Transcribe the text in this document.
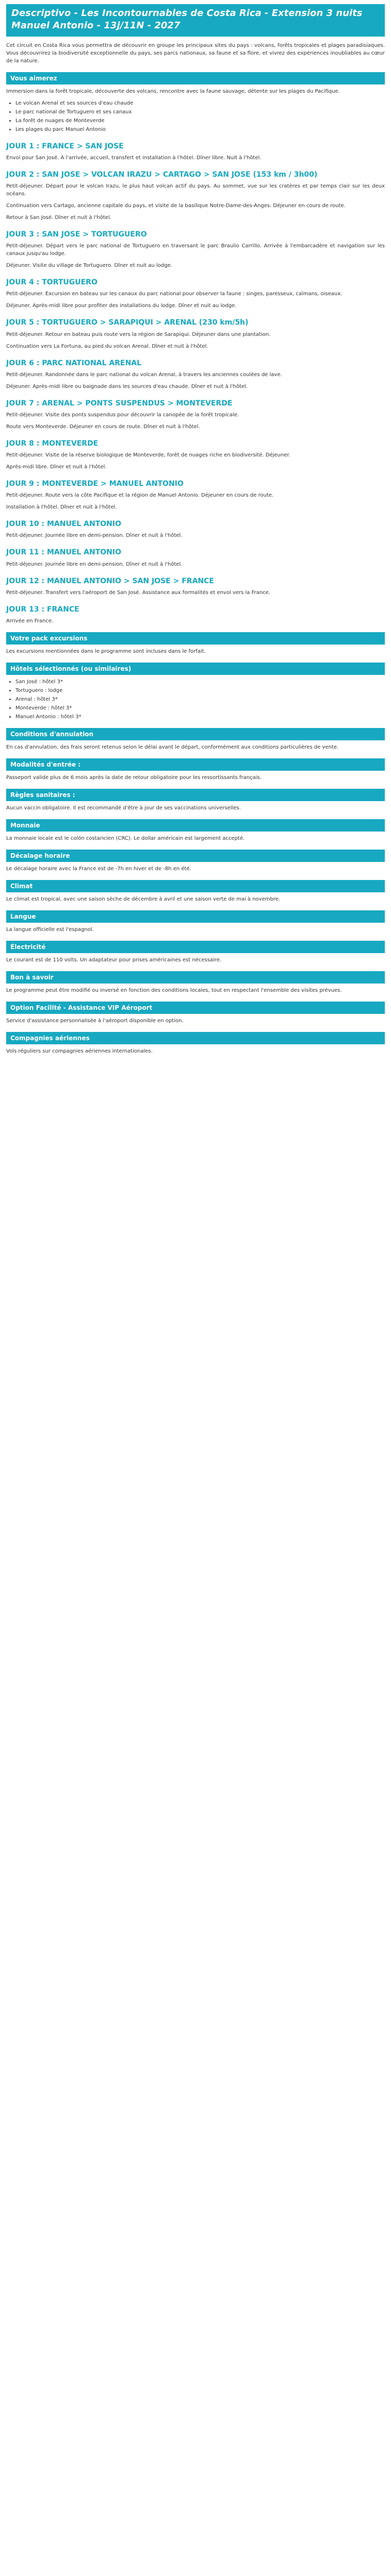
Descriptivo - Les Incontournables de Costa Rica - Extension 3 nuits Manuel Antonio - 13j/11N - 2027

Cet circuit en Costa Rica vous permettra de découvrir en groupe les principaux sites du pays : volcans, forêts tropicales et plages paradisiaques. Vous découvrirez la biodiversité exceptionnelle du pays, ses parcs nationaux, sa faune et sa flore, et vivrez des expériences inoubliables au cœur de la nature.

Vous aimerez

Immersion dans la forêt tropicale, découverte des volcans, rencontre avec la faune sauvage, détente sur les plages du Pacifique.

• Le volcan Arenal et ses sources d'eau chaude
• Le parc national de Tortuguero et ses canaux
• La forêt de nuages de Monteverde
• Les plages du parc Manuel Antonio
JOUR 1 : FRANCE > SAN JOSE

Envol pour San José. À l'arrivée, accueil, transfert et installation à l'hôtel. Dîner libre. Nuit à l'hôtel.

JOUR 2 : SAN JOSE > VOLCAN IRAZU > CARTAGO > SAN JOSE (153 km / 3h00)

Petit-déjeuner. Départ pour le volcan Irazu, le plus haut volcan actif du pays. Au sommet, vue sur les cratères et par temps clair sur les deux océans.

Continuation vers Cartago, ancienne capitale du pays, et visite de la basilique Notre-Dame-des-Anges. Déjeuner en cours de route.

Retour à San José. Dîner et nuit à l'hôtel.

JOUR 3 : SAN JOSE > TORTUGUERO

Petit-déjeuner. Départ vers le parc national de Tortuguero en traversant le parc Braulio Carrillo. Arrivée à l'embarcadère et navigation sur les canaux jusqu'au lodge.

Déjeuner. Visite du village de Tortuguero. Dîner et nuit au lodge.

JOUR 4 : TORTUGUERO

Petit-déjeuner. Excursion en bateau sur les canaux du parc national pour observer la faune : singes, paresseux, caïmans, oiseaux.

Déjeuner. Après-midi libre pour profiter des installations du lodge. Dîner et nuit au lodge.

JOUR 5 : TORTUGUERO > SARAPIQUI > ARENAL (230 km/5h)

Petit-déjeuner. Retour en bateau puis route vers la région de Sarapiqui. Déjeuner dans une plantation.

Continuation vers La Fortuna, au pied du volcan Arenal. Dîner et nuit à l'hôtel.

JOUR 6 : PARC NATIONAL ARENAL

Petit-déjeuner. Randonnée dans le parc national du volcan Arenal, à travers les anciennes coulées de lave.

Déjeuner. Après-midi libre ou baignade dans les sources d'eau chaude. Dîner et nuit à l'hôtel.

JOUR 7 : ARENAL > PONTS SUSPENDUS > MONTEVERDE

Petit-déjeuner. Visite des ponts suspendus pour découvrir la canopée de la forêt tropicale.

Route vers Monteverde. Déjeuner en cours de route. Dîner et nuit à l'hôtel.

JOUR 8 : MONTEVERDE

Petit-déjeuner. Visite de la réserve biologique de Monteverde, forêt de nuages riche en biodiversité. Déjeuner.

Après-midi libre. Dîner et nuit à l'hôtel.

JOUR 9 : MONTEVERDE > MANUEL ANTONIO

Petit-déjeuner. Route vers la côte Pacifique et la région de Manuel Antonio. Déjeuner en cours de route.

Installation à l'hôtel. Dîner et nuit à l'hôtel.

JOUR 10 : MANUEL ANTONIO

Petit-déjeuner. Journée libre en demi-pension. Dîner et nuit à l'hôtel.

JOUR 11 : MANUEL ANTONIO

Petit-déjeuner. Journée libre en demi-pension. Dîner et nuit à l'hôtel.

JOUR 12 : MANUEL ANTONIO > SAN JOSE > FRANCE

Petit-déjeuner. Transfert vers l'aéroport de San José. Assistance aux formalités et envol vers la France.

JOUR 13 : FRANCE

Arrivée en France.

Votre pack excursions

Les excursions mentionnées dans le programme sont incluses dans le forfait.

Hôtels sélectionnés (ou similaires)
• San José : hôtel 3*
• Tortuguero : lodge
• Arenal : hôtel 3*
• Monteverde : hôtel 3*
• Manuel Antonio : hôtel 3*
Conditions d'annulation

En cas d'annulation, des frais seront retenus selon le délai avant le départ, conformément aux conditions particulières de vente.

Modalités d'entrée :

Passeport valide plus de 6 mois après la date de retour obligatoire pour les ressortissants français.

Règles sanitaires :

Aucun vaccin obligatoire. Il est recommandé d'être à jour de ses vaccinations universelles.

Monnaie

La monnaie locale est le colón costaricien (CRC). Le dollar américain est largement accepté.

Décalage horaire

Le décalage horaire avec la France est de -7h en hiver et de -8h en été.

Climat

Le climat est tropical, avec une saison sèche de décembre à avril et une saison verte de mai à novembre.

Langue

La langue officielle est l'espagnol.

Électricité

Le courant est de 110 volts. Un adaptateur pour prises américaines est nécessaire.

Bon à savoir

Le programme peut être modifié ou inversé en fonction des conditions locales, tout en respectant l'ensemble des visites prévues.

Option Facilité - Assistance VIP Aéroport

Service d'assistance personnalisée à l'aéroport disponible en option.

Compagnies aériennes

Vols réguliers sur compagnies aériennes internationales.
